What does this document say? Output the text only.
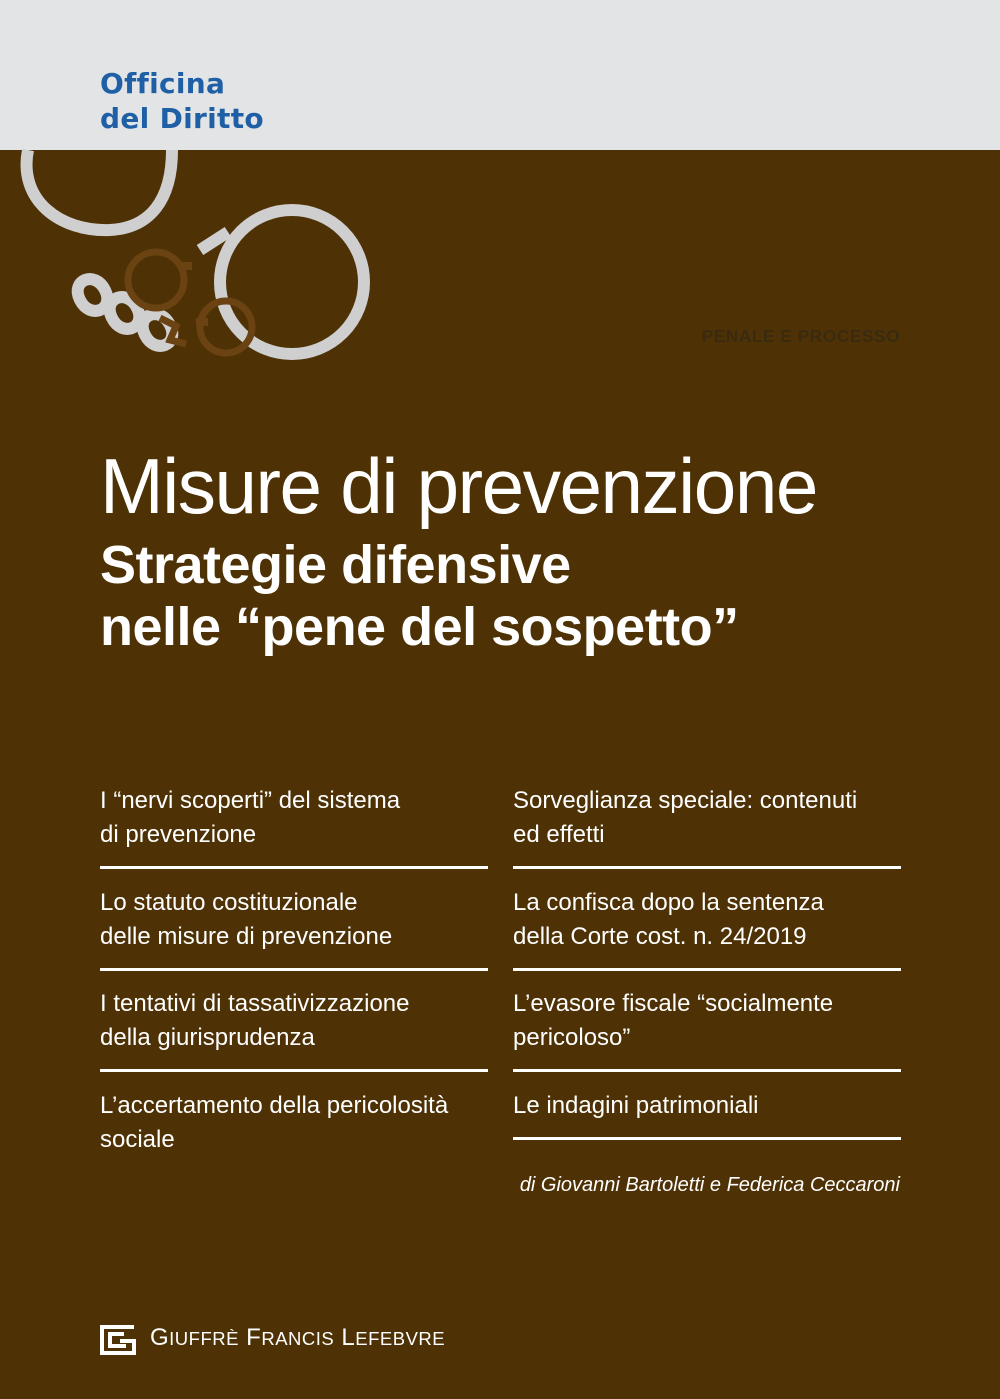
Officina
del Diritto
PENALE E PROCESSO
Misure di prevenzione
Strategie difensive
nelle “pene del sospetto”
I “nervi scoperti” del sistema
di prevenzione
Lo statuto costituzionale
delle misure di prevenzione
I tentativi di tassativizzazione
della giurisprudenza
L’accertamento della pericolosità
sociale
Sorveglianza speciale: contenuti
ed effetti
La confisca dopo la sentenza
della Corte cost. n. 24/2019
L’evasore fiscale “socialmente
pericoloso”
Le indagini patrimoniali
di Giovanni Bartoletti e Federica Ceccaroni
GIUFFRÈ FRANCIS LEFEBVRE
